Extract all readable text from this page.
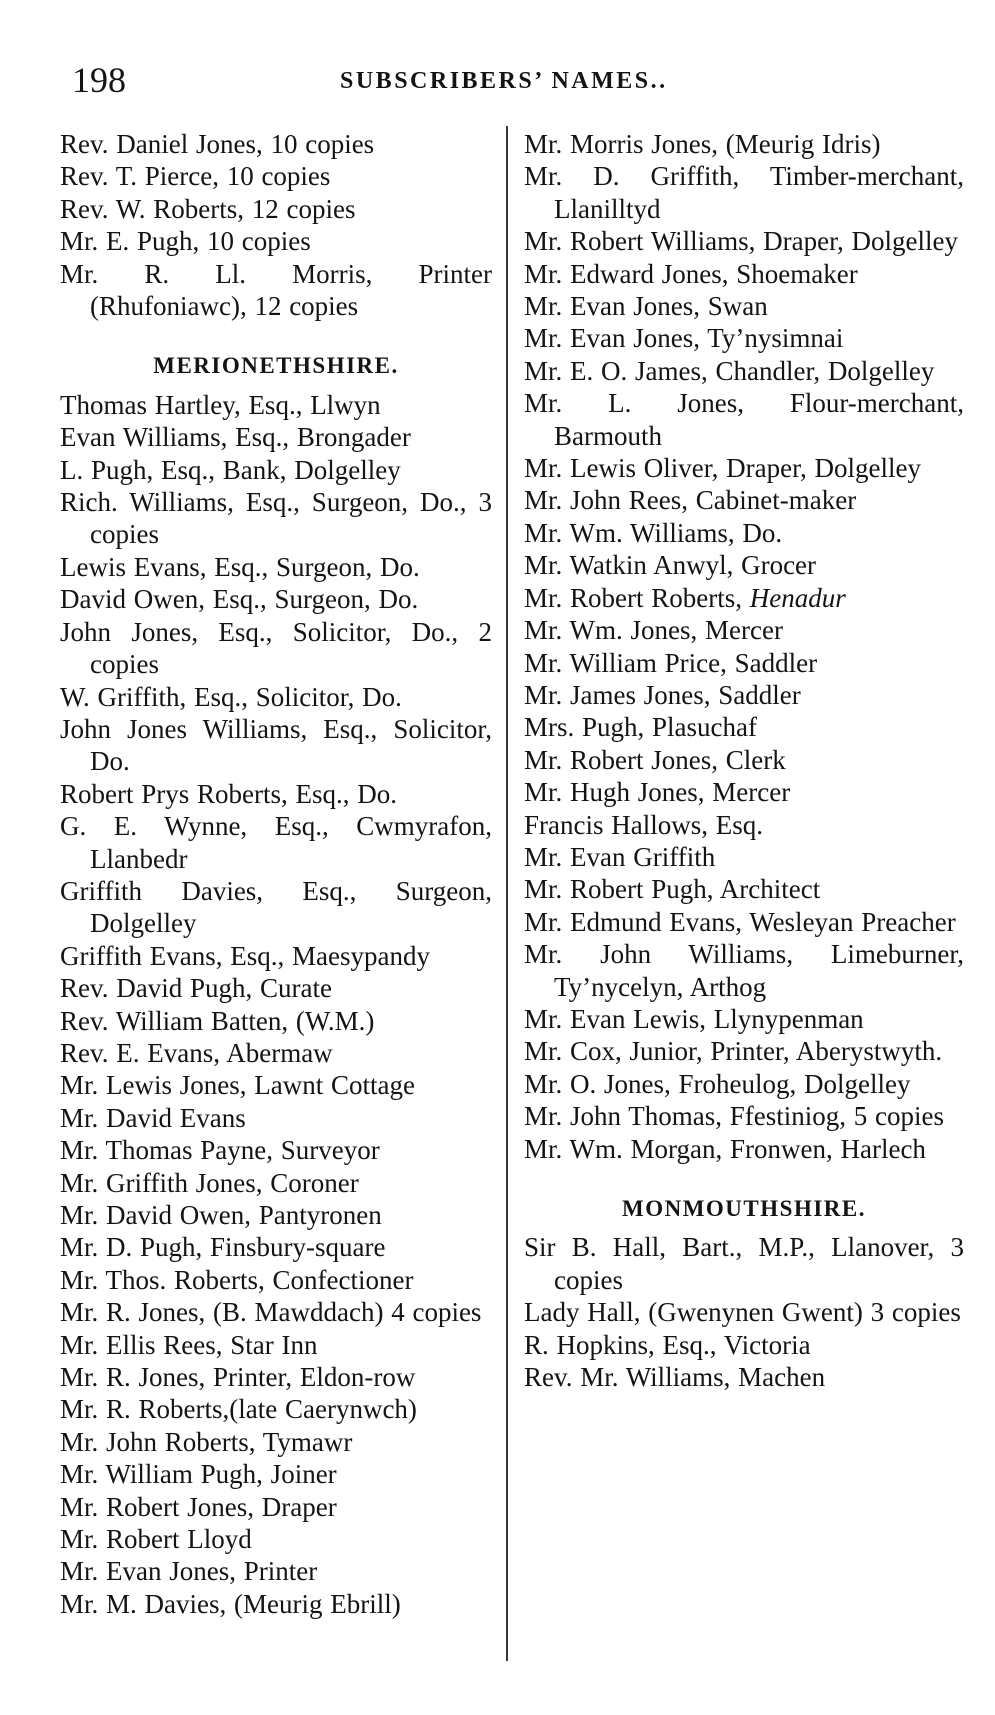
198	SUBSCRIBERS’ NAMES..

Rev. Daniel Jones, 10 copies

Rev. T. Pierce, 10 copies

Rev. W. Roberts, 12 copies

Mr. E. Pugh, 10 copies

Mr. R. Ll. Morris, Printer (Rhufoniawc), 12 copies

MERIONETHSHIRE.

Thomas Hartley, Esq., Llwyn

Evan Williams, Esq., Brongader

L. Pugh, Esq., Bank, Dolgelley

Rich. Williams, Esq., Surgeon, Do., 3 copies

Lewis Evans, Esq., Surgeon, Do.

David Owen, Esq., Surgeon, Do.

John Jones, Esq., Solicitor, Do., 2 copies

W. Griffith, Esq., Solicitor, Do.

John Jones Williams, Esq., Solicitor, Do.

Robert Prys Roberts, Esq., Do.

G. E. Wynne, Esq., Cwmyrafon, Llanbedr

Griffith Davies, Esq., Surgeon, Dolgelley

Griffith Evans, Esq., Maesypandy

Rev. David Pugh, Curate

Rev. William Batten, (W.M.)

Rev. E. Evans, Abermaw

Mr. Lewis Jones, Lawnt Cottage

Mr. David Evans

Mr. Thomas Payne, Surveyor

Mr. Griffith Jones, Coroner

Mr. David Owen, Pantyronen

Mr. D. Pugh, Finsbury-square

Mr. Thos. Roberts, Confectioner

Mr. R. Jones, (B. Mawddach) 4 copies

Mr. Ellis Rees, Star Inn

Mr. R. Jones, Printer, Eldon-row

Mr. R. Roberts,(late Caerynwch)

Mr. John Roberts, Tymawr

Mr. William Pugh, Joiner

Mr. Robert Jones, Draper

Mr. Robert Lloyd

Mr. Evan Jones, Printer

Mr. M. Davies, (Meurig Ebrill)

Mr. Morris Jones, (Meurig Idris)

Mr. D. Griffith, Timber-merchant, Llanilltyd

Mr. Robert Williams, Draper, Dolgelley

Mr. Edward Jones, Shoemaker

Mr. Evan Jones, Swan

Mr. Evan Jones, Ty’nysimnai

Mr. E. O. James, Chandler, Dolgelley

Mr. L. Jones, Flour-merchant, Barmouth

Mr. Lewis Oliver, Draper, Dolgelley

Mr. John Rees, Cabinet-maker

Mr. Wm. Williams, Do.

Mr. Watkin Anwyl, Grocer

Mr. Robert Roberts, Henadur

Mr. Wm. Jones, Mercer

Mr. William Price, Saddler

Mr. James Jones, Saddler

Mrs. Pugh, Plasuchaf

Mr. Robert Jones, Clerk

Mr. Hugh Jones, Mercer

Francis Hallows, Esq.

Mr. Evan Griffith

Mr. Robert Pugh, Architect

Mr. Edmund Evans, Wesleyan Preacher

Mr. John Williams, Limeburner, Ty’nycelyn, Arthog

Mr. Evan Lewis, Llynypenman

Mr. Cox, Junior, Printer, Aberystwyth.

Mr. O. Jones, Froheulog, Dolgelley

Mr. John Thomas, Ffestiniog, 5 copies

Mr. Wm. Morgan, Fronwen, Harlech

MONMOUTHSHIRE.

Sir B. Hall, Bart., M.P., Llanover, 3 copies

Lady Hall, (Gwenynen Gwent) 3 copies

R. Hopkins, Esq., Victoria

Rev. Mr. Williams, Machen
